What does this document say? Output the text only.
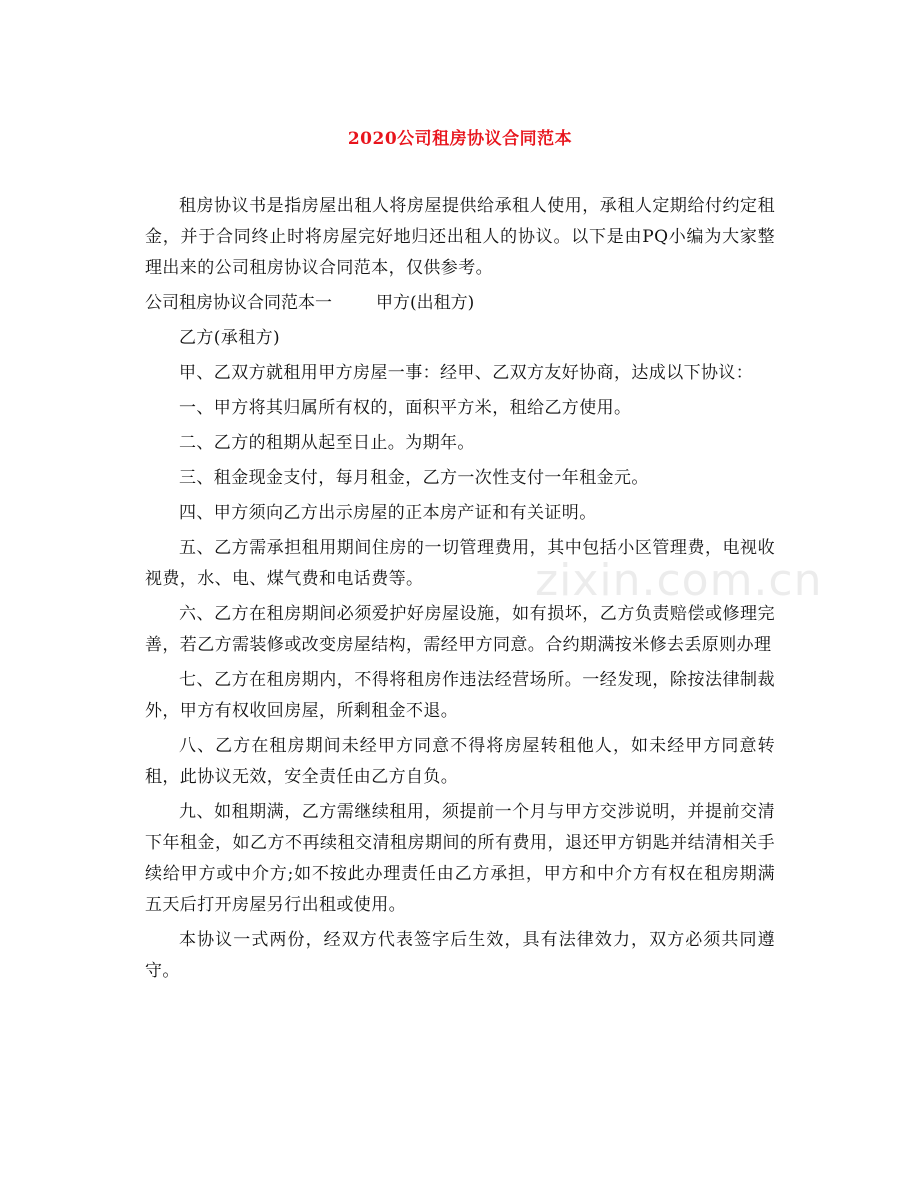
2020公司租房协议合同范本

租房协议书是指房屋出租人将房屋提供给承租人使用，承租人定期给付约定租金，并于合同终止时将房屋完好地归还出租人的协议。以下是由PQ小编为大家整理出来的公司租房协议合同范本，仅供参考。

公司租房协议合同范本一	甲方(出租方)

乙方(承租方)

甲、乙双方就租用甲方房屋一事：经甲、乙双方友好协商，达成以下协议：

一、甲方将其归属所有权的，面积平方米，租给乙方使用。

二、乙方的租期从起至日止。为期年。

三、租金现金支付，每月租金，乙方一次性支付一年租金元。

四、甲方须向乙方出示房屋的正本房产证和有关证明。

五、乙方需承担租用期间住房的一切管理费用，其中包括小区管理费，电视收视费，水、电、煤气费和电话费等。

六、乙方在租房期间必须爱护好房屋设施，如有损坏，乙方负责赔偿或修理完善，若乙方需装修或改变房屋结构，需经甲方同意。合约期满按米修去丢原则办理

七、乙方在租房期内，不得将租房作违法经营场所。一经发现，除按法律制裁外，甲方有权收回房屋，所剩租金不退。

八、乙方在租房期间未经甲方同意不得将房屋转租他人，如未经甲方同意转租，此协议无效，安全责任由乙方自负。

九、如租期满，乙方需继续租用，须提前一个月与甲方交涉说明，并提前交清下年租金，如乙方不再续租交清租房期间的所有费用，退还甲方钥匙并结清相关手续给甲方或中介方;如不按此办理责任由乙方承担，甲方和中介方有权在租房期满五天后打开房屋另行出租或使用。

本协议一式两份，经双方代表签字后生效，具有法律效力，双方必须共同遵守。

zixin.com.cn
